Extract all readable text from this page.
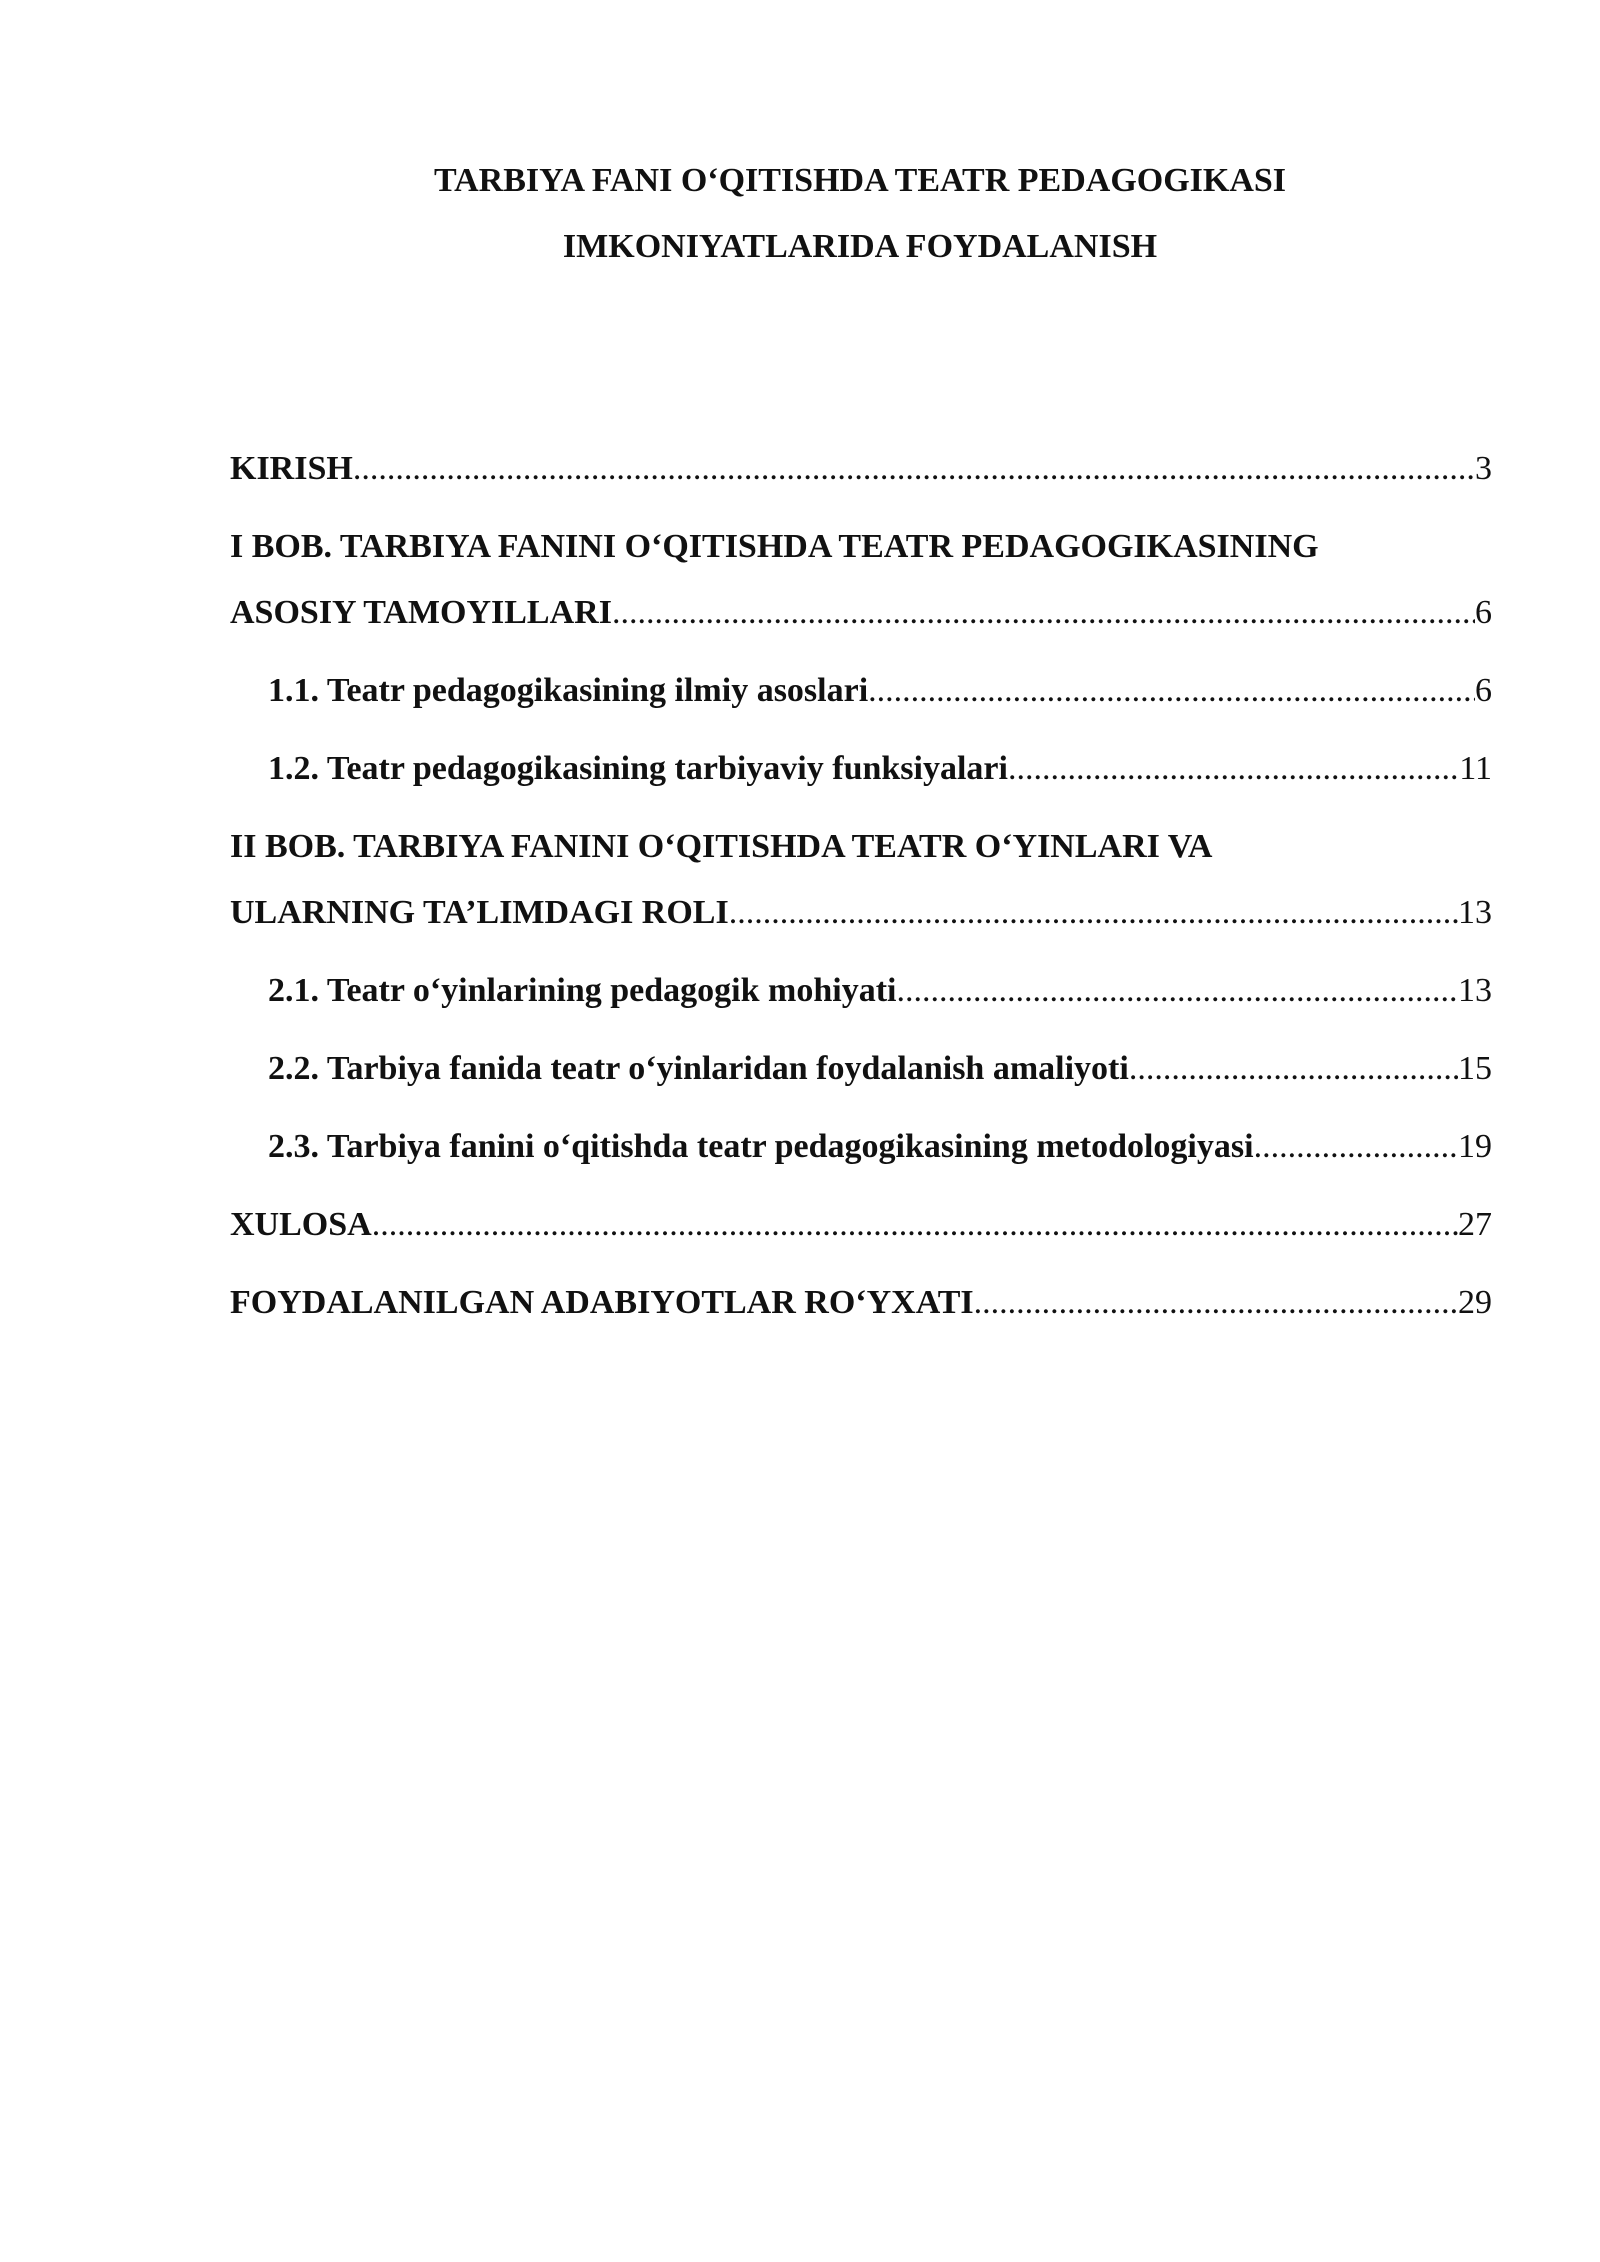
TARBIYA FANI O‘QITISHDA TEATR PEDAGOGIKASI
IMKONIYATLARIDA FOYDALANISH
KIRISH .....	3
I BOB. TARBIYA FANINI O‘QITISHDA TEATR PEDAGOGIKASINING
ASOSIY TAMOYILLARI .....	6
1.1. Teatr pedagogikasining ilmiy asoslari .....	6
1.2. Teatr pedagogikasining tarbiyaviy funksiyalari .....	11
II BOB. TARBIYA FANINI O‘QITISHDA TEATR O‘YINLARI VA
ULARNING TA’LIMDAGI ROLI .....	13
2.1. Teatr o‘yinlarining pedagogik mohiyati .....	13
2.2. Tarbiya fanida teatr o‘yinlaridan foydalanish amaliyoti .....	15
2.3. Tarbiya fanini o‘qitishda teatr pedagogikasining metodologiyasi .....	19
XULOSA .....	27
FOYDALANILGAN ADABIYOTLAR RO‘YXATI .....	29
